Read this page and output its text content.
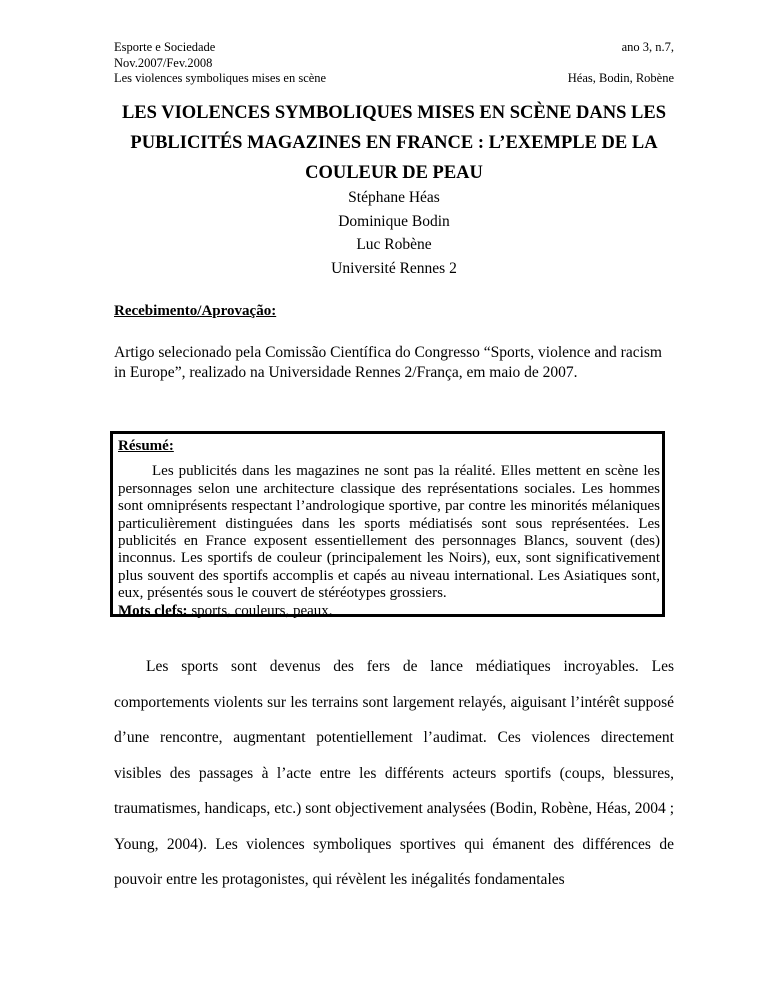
Esporte e Sociedade
Nov.2007/Fev.2008
Les violences symboliques mises en scène
ano 3, n.7,

Héas, Bodin, Robène
LES VIOLENCES SYMBOLIQUES MISES EN SCÈNE DANS LES
PUBLICITÉS MAGAZINES EN FRANCE : L’EXEMPLE DE LA
COULEUR DE PEAU
Stéphane Héas
Dominique Bodin
Luc Robène
Université Rennes 2
Recebimento/Aprovação:
Artigo selecionado pela Comissão Científica do Congresso “Sports, violence and racism in Europe”, realizado na Universidade Rennes 2/França, em maio de 2007.
Résumé:
Les publicités dans les magazines ne sont pas la réalité. Elles mettent en scène les personnages selon une architecture classique des représentations sociales. Les hommes sont omniprésents respectant l’andrologique sportive, par contre les minorités mélaniques particulièrement distinguées dans les sports médiatisés sont sous représentées. Les publicités en France exposent essentiellement des personnages Blancs, souvent (des) inconnus. Les sportifs de couleur (principalement les Noirs), eux, sont significativement plus souvent des sportifs accomplis et capés au niveau international. Les Asiatiques sont, eux, présentés sous le couvert de stéréotypes grossiers.
Mots clefs: sports, couleurs, peaux.
Les sports sont devenus des fers de lance médiatiques incroyables. Les comportements violents sur les terrains sont largement relayés, aiguisant l’intérêt supposé d’une rencontre, augmentant potentiellement l’audimat. Ces violences directement visibles des passages à l’acte entre les différents acteurs sportifs (coups, blessures, traumatismes, handicaps, etc.) sont objectivement analysées (Bodin, Robène, Héas, 2004 ; Young, 2004). Les violences symboliques sportives qui émanent des différences de pouvoir entre les protagonistes, qui révèlent les inégalités fondamentales
